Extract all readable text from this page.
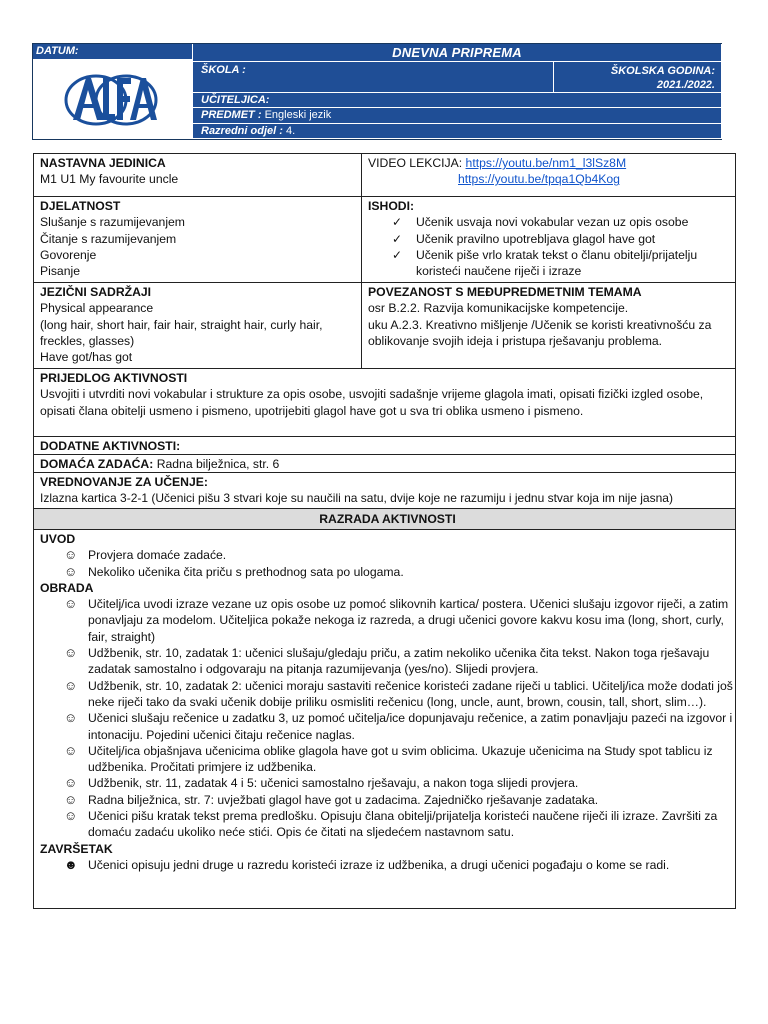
DATUM:	DNEVNA PRIPREMA
ŠKOLA :	ŠKOLSKA GODINA:
2021./2022.
UČITELJICA:
PREDMET : Engleski jezik
Razredni odjel : 4.
NASTAVNA JEDINICA
M1 U1 My favourite uncle
VIDEO LEKCIJA: https://youtu.be/nm1_l3lSz8M
https://youtu.be/tpqa1Qb4Kog
DJELATNOST
Slušanje s razumijevanjem
Čitanje s razumijevanjem
Govorenje
Pisanje
ISHODI:
✓ Učenik usvaja novi vokabular vezan uz opis osobe
✓ Učenik pravilno upotrebljava glagol have got
✓ Učenik piše vrlo kratak tekst o članu obitelji/prijatelju koristeći naučene riječi i izraze
JEZIČNI SADRŽAJI
Physical appearance
(long hair, short hair, fair hair, straight hair, curly hair, freckles, glasses)
Have got/has got
POVEZANOST S MEĐUPREDMETNIM TEMAMA
osr B.2.2. Razvija komunikacijske kompetencije.
uku A.2.3. Kreativno mišljenje /Učenik se koristi kreativnošću za oblikovanje svojih ideja i pristupa rješavanju problema.
PRIJEDLOG AKTIVNOSTI
Usvojiti i utvrditi novi vokabular i strukture za opis osobe, usvojiti sadašnje vrijeme glagola imati, opisati fizički izgled osobe, opisati člana obitelji usmeno i pismeno, upotrijebiti glagol have got u sva tri oblika usmeno i pismeno.
DODATNE AKTIVNOSTI:
DOMAĆA ZADAĆA: Radna bilježnica, str. 6
VREDNOVANJE ZA UČENJE:
Izlazna kartica 3-2-1 (Učenici pišu 3 stvari koje su naučili na satu, dvije koje ne razumiju i jednu stvar koja im nije jasna)
RAZRADA AKTIVNOSTI
UVOD
☺ Provjera domaće zadaće.
☺ Nekoliko učenika čita priču s prethodnog sata po ulogama.
OBRADA
☺ Učitelj/ica uvodi izraze vezane uz opis osobe uz pomoć slikovnih kartica/ postera. Učenici slušaju izgovor riječi, a zatim ponavljaju za modelom. Učiteljica pokaže nekoga iz razreda, a drugi učenici govore kakvu kosu ima (long, short, curly, fair, straight)
☺ Udžbenik, str. 10, zadatak 1: učenici slušaju/gledaju priču, a zatim nekoliko učenika čita tekst. Nakon toga rješavaju zadatak samostalno i odgovaraju na pitanja razumijevanja (yes/no). Slijedi provjera.
☺ Udžbenik, str. 10, zadatak 2: učenici moraju sastaviti rečenice koristeći zadane riječi u tablici. Učitelj/ica može dodati još neke riječi tako da svaki učenik dobije priliku osmisliti rečenicu (long, uncle, aunt, brown, cousin, tall, short, slim…).
☺ Učenici slušaju rečenice u zadatku 3, uz pomoć učitelja/ice dopunjavaju rečenice, a zatim ponavljaju pazeći na izgovor i intonaciju. Pojedini učenici čitaju rečenice naglas.
☺ Učitelj/ica objašnjava učenicima oblike glagola have got u svim oblicima. Ukazuje učenicima na Study spot tablicu iz udžbenika. Pročitati primjere iz udžbenika.
☺ Udžbenik, str. 11, zadatak 4 i 5: učenici samostalno rješavaju, a nakon toga slijedi provjera.
☺ Radna bilježnica, str. 7: uvježbati glagol have got u zadacima. Zajedničko rješavanje zadataka.
☺ Učenici pišu kratak tekst prema predlošku. Opisuju člana obitelji/prijatelja koristeći naučene riječi ili izraze. Završiti za domaću zadaću ukoliko neće stići. Opis će čitati na sljedećem nastavnom satu.
ZAVRŠETAK
☻ Učenici opisuju jedni druge u razredu koristeći izraze iz udžbenika, a drugi učenici pogađaju o kome se radi.
